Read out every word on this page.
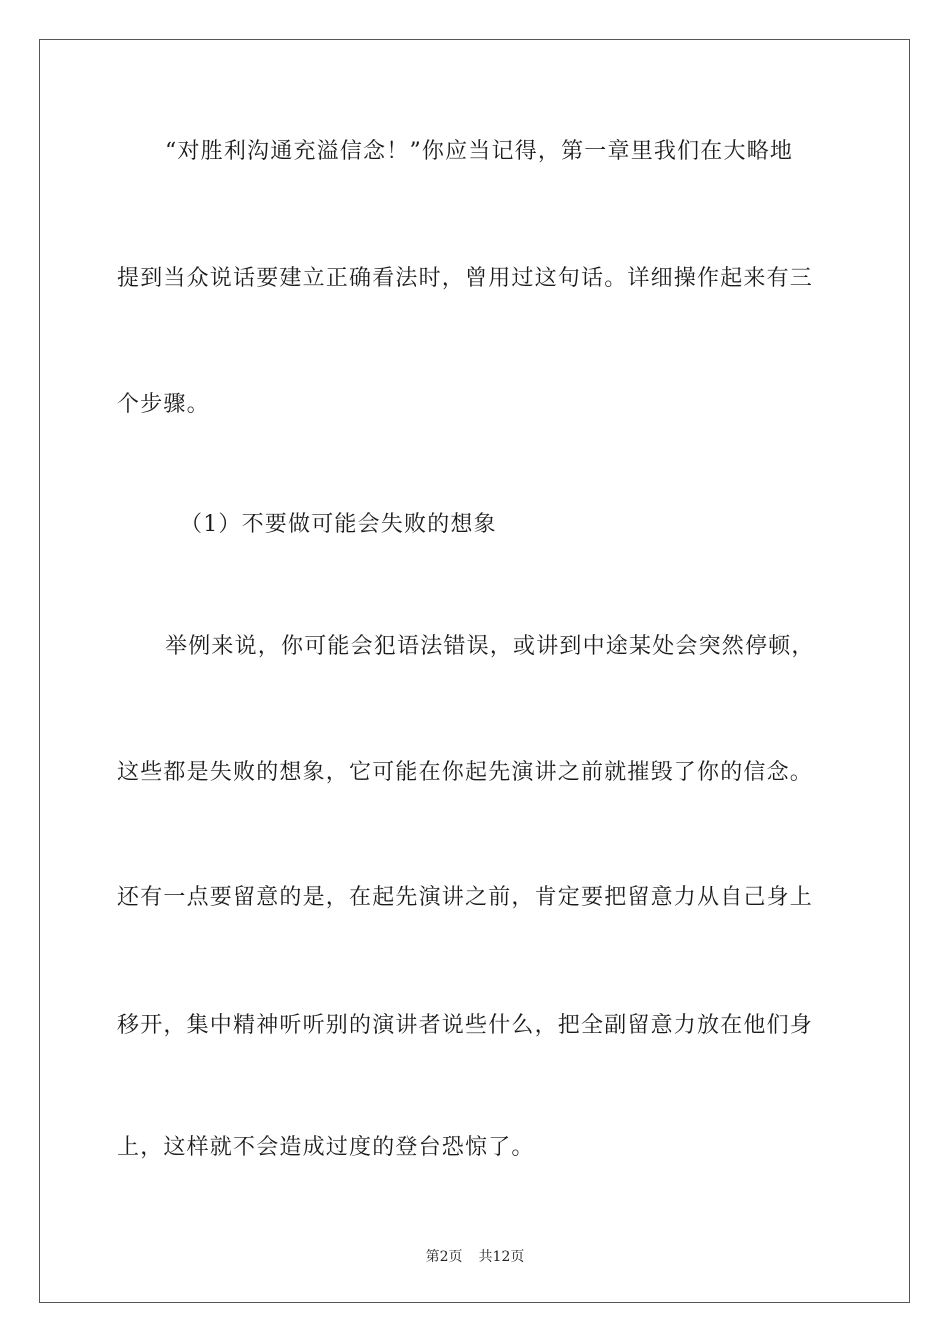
“对胜利沟通充溢信念！”你应当记得，第一章里我们在大略地
提到当众说话要建立正确看法时，曾用过这句话。详细操作起来有三
个步骤。
（1）不要做可能会失败的想象
举例来说，你可能会犯语法错误，或讲到中途某处会突然停顿，
这些都是失败的想象，它可能在你起先演讲之前就摧毁了你的信念。
还有一点要留意的是，在起先演讲之前，肯定要把留意力从自己身上
移开，集中精神听听别的演讲者说些什么，把全副留意力放在他们身
上，这样就不会造成过度的登台恐惊了。
第2页 共12页
